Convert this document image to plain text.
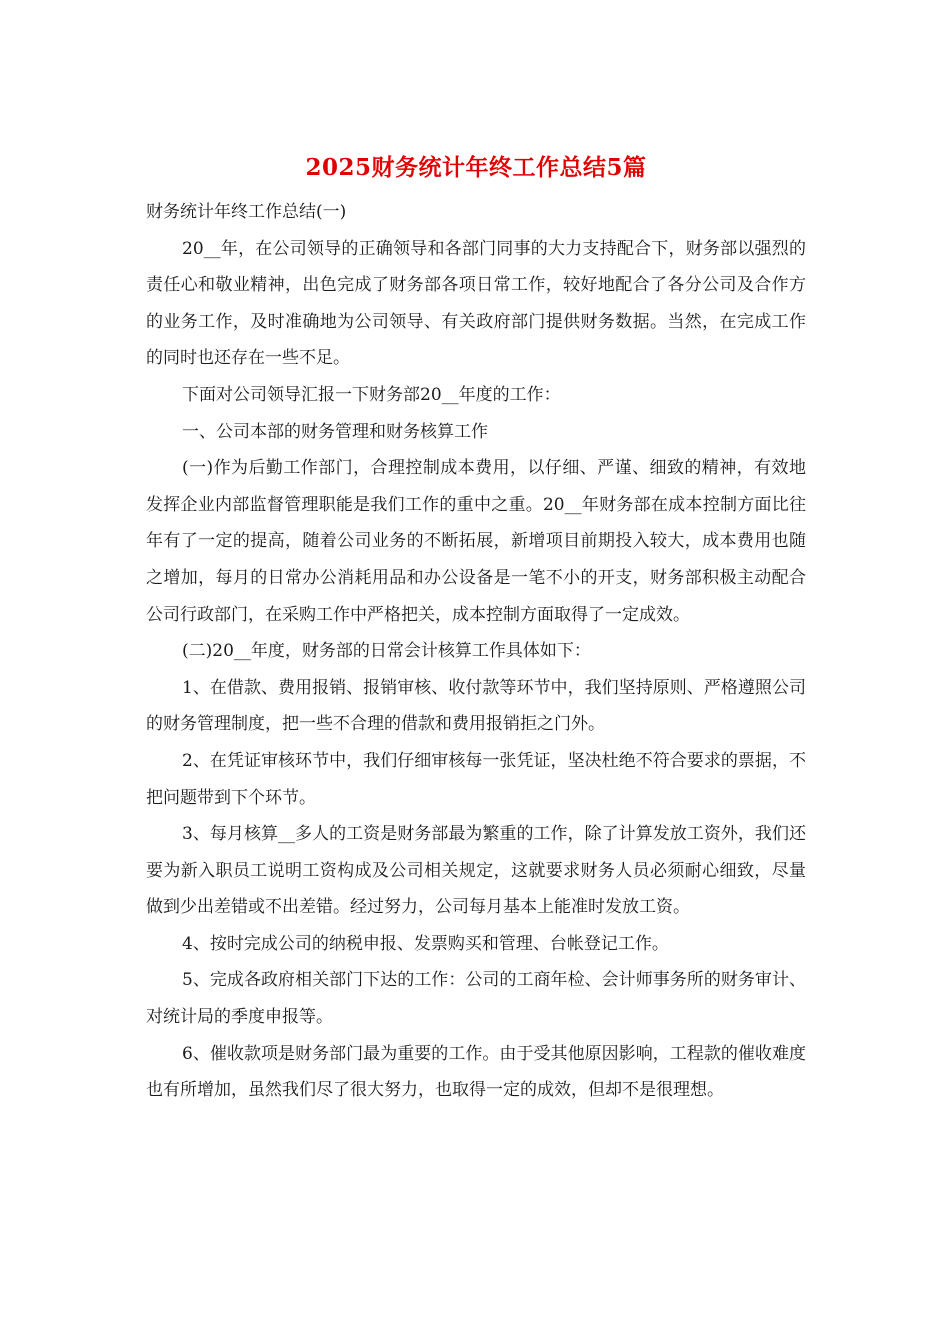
2025财务统计年终工作总结5篇

财务统计年终工作总结(一)

20__年，在公司领导的正确领导和各部门同事的大力支持配合下，财务部以强烈的责任心和敬业精神，出色完成了财务部各项日常工作，较好地配合了各分公司及合作方的业务工作，及时准确地为公司领导、有关政府部门提供财务数据。当然，在完成工作的同时也还存在一些不足。

下面对公司领导汇报一下财务部20__年度的工作：

一、公司本部的财务管理和财务核算工作

(一)作为后勤工作部门，合理控制成本费用，以仔细、严谨、细致的精神，有效地发挥企业内部监督管理职能是我们工作的重中之重。20__年财务部在成本控制方面比往年有了一定的提高，随着公司业务的不断拓展，新增项目前期投入较大，成本费用也随之增加，每月的日常办公消耗用品和办公设备是一笔不小的开支，财务部积极主动配合公司行政部门，在采购工作中严格把关，成本控制方面取得了一定成效。

(二)20__年度，财务部的日常会计核算工作具体如下：

1、在借款、费用报销、报销审核、收付款等环节中，我们坚持原则、严格遵照公司的财务管理制度，把一些不合理的借款和费用报销拒之门外。

2、在凭证审核环节中，我们仔细审核每一张凭证，坚决杜绝不符合要求的票据，不把问题带到下个环节。

3、每月核算__多人的工资是财务部最为繁重的工作，除了计算发放工资外，我们还要为新入职员工说明工资构成及公司相关规定，这就要求财务人员必须耐心细致，尽量做到少出差错或不出差错。经过努力，公司每月基本上能准时发放工资。

4、按时完成公司的纳税申报、发票购买和管理、台帐登记工作。

5、完成各政府相关部门下达的工作：公司的工商年检、会计师事务所的财务审计、对统计局的季度申报等。

6、催收款项是财务部门最为重要的工作。由于受其他原因影响，工程款的催收难度也有所增加，虽然我们尽了很大努力，也取得一定的成效，但却不是很理想。
